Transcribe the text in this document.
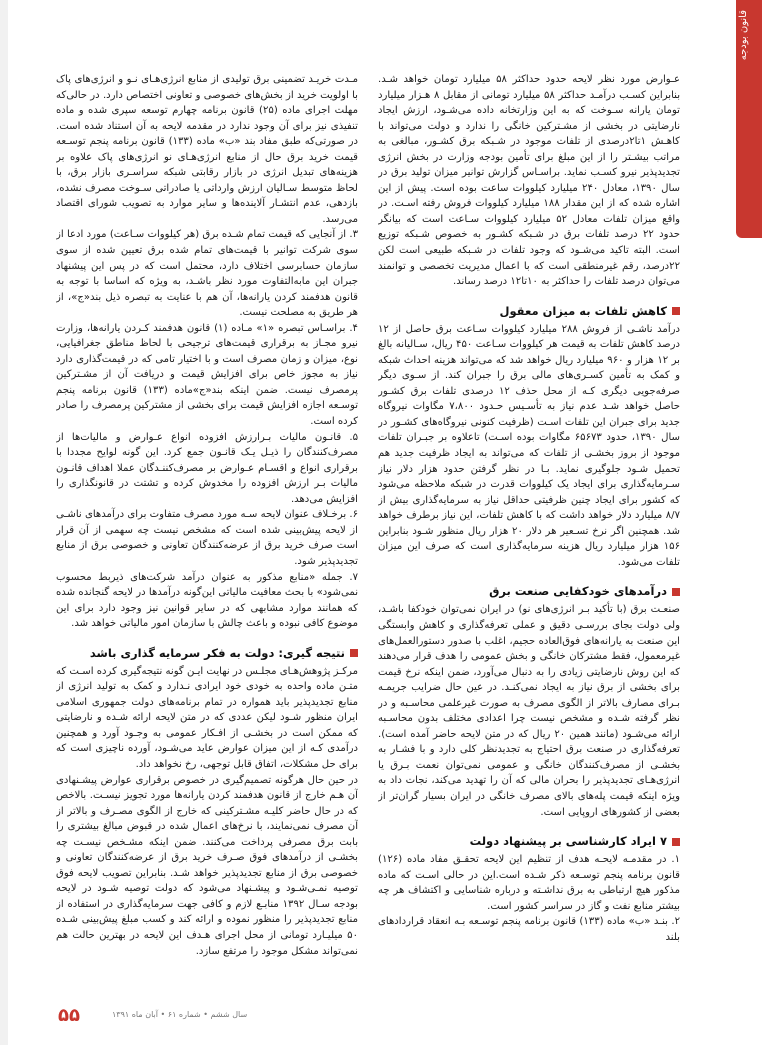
قانون بودجه

عـوارض مورد نظر لایحه حدود حداکثر ۵۸ میلیارد تومان خواهد شـد. بنابراین کسـب درآمـد حداکثر ۵۸ میلیارد تومانی از مقابل ۸ هـزار میلیارد تومان یارانه سـوخت که به این وزارتخانه داده می‌شـود، ارزش ایجاد نارضایتی در بخشی از مشـترکین خانگی را ندارد و دولت می‌تواند با کاهـش ۱تا۲درصدی از تلفات موجود در شـبکه برق کشـور، مبالغی به مراتب بیشـتر را از این مبلغ برای تأمین بودجه وزارت در بخش انرژی تجدیدپذیر نیرو کسـب نماید. براسـاس گزارش توانیر میزان تولید برق در سال ۱۳۹۰، معادل ۲۴۰ میلیارد کیلووات ساعت بوده است. پیش از این اشاره شده که از این مقدار ۱۸۸ میلیارد کیلووات فروش رفته اسـت. در واقع میزان تلفات معادل ۵۲ میلیارد کیلووات سـاعت است که بیانگر حدود ۲۲ درصد تلفات برق در شـبکه کشـور به خصوص شـبکه توزیع است. البته تاکید می‌شـود که وجود تلفات در شـبکه طبیعی است لکن ۲۲درصد، رقم غیرمنطقی است که با اعمال مدیریت تخصصی و توانمند می‌توان درصد تلفات را حداکثر به ۱۰تا۱۲ درصد رساند.

کاهش تلفات به میزان معقول

درآمد ناشـی از فروش ۲۸۸ میلیارد کیلووات سـاعت برق حاصل از ۱۲ درصد کاهش تلفات به قیمت هر کیلووات سـاعت ۴۵۰ ریال، سـالیانه بالغ بر ۱۲ هزار و ۹۶۰ میلیارد ریال خواهد شد که می‌تواند هزینه احداث شبکه و کمک به تأمین کسـری‌های مالی برق را جبران کند. از سـوی دیگر صرفه‌جویی دیگری کـه از محل حذف ۱۲ درصدی تلفات برق کشـور حاصل خواهد شـد عدم نیاز به تأسـیس حـدود ۷،۸۰۰ مگاوات نیروگاه جدید برای جبران این تلفات اسـت (ظرفیت کنونی نیروگاه‌های کشـور در سال ۱۳۹۰، حدود ۶۵۶۷۳ مگاوات بوده اسـت) تاعلاوه بر جبـران تلفات موجود از بروز بخشـی از تلفات که می‌تواند به ایجاد ظرفیت جدید هم تحمیل شـود جلوگیری نماید. بـا در نظر گرفتن حدود هزار دلار نیاز سـرمایه‌گذاری برای ایجاد یک کیلووات قدرت در شبکه ملاحظه می‌شود که کشور برای ایجاد چنین ظرفیتی حداقل نیاز به سرمایه‌گذاری بیش از ۸/۷ میلیارد دلار خواهد داشت که با کاهش تلفات، این نیاز برطرف خواهد شد. همچنین اگر نرخ تسـعیر هر دلار ۲۰ هزار ریال منظور شـود بنابراین ۱۵۶ هزار میلیارد ریال هزینه سرمایه‌گذاری است که صرف این میزان تلفات می‌شود.

درآمدهای خودکفایی صنعت برق

صنعـت برق (با تأکید بـر انرژی‌های نو) در ایران نمی‌توان خودکفا باشـد، ولی دولت بجای بررسـی دقیق و عملی تعرفه‌گذاری و کاهش وابستگی این صنعت به یارانه‌های فوق‌العاده حجیم، اغلب با صدور دستورالعمل‌های غیرمعمول، فقط مشترکان خانگی و بخش عمومی را هدف قرار می‌دهند که این روش نارضایتی زیادی را به دنبال می‌آورد، ضمن اینکه نرخ قیمت برای بخشی از برق نیاز به ایجاد نمی‌کنـد. در عین حال ضرایب جریمـه بـرای مصارف بالاتر از الگوی مصرف به صورت غیرعلمی محاسـبه و در نظر گرفته شـده و مشخص نیست چرا اعدادی مختلف بدون محاسـبه ارائه می‌شـود (مانند همین ۲۰ ریال که در متن لایحه حاضر آمده است). تعرفه‌گذاری در صنعت برق احتیاج به تجدیدنظر کلی دارد و با فشـار به بخشـی از مصرف‌کنندگان خانگی و عمومی نمی‌توان نعمت بـرق یا انرژی‌هـای تجدیدپذیر را بحران مالی که آن را تهدید می‌کند، نجات داد به ویژه اینکه قیمت پله‌های بالای مصرف خانگی در ایران بسیار گران‌تر از بعضی از کشورهای اروپایی است.

۷ ایراد کارشناسی بر پیشنهاد دولت

۱. در مقدمـه لایحـه هدف از تنظیم این لایحه تحقـق مفاد ماده (۱۲۶) قانون برنامه پنجم توسـعه ذکر شـده است.این در حالی اسـت که ماده مذکور هیچ ارتباطی به برق نداشـته و درباره شناسایی و اکتشاف هر چه بیشتر منابع نفت و گاز در سراسر کشور است.

۲. بنـد «ب» ماده (۱۳۳) قانون برنامه پنجم توسـعه بـه انعقاد قراردادهای بلند

مـدت خریـد تضمینی برق تولیدی از منابع انرژی‌هـای نـو و انرژی‌های پاک با اولویت خرید از بخش‌های خصوصی و تعاونی اختصاص دارد. در حالی‌که مهلت اجرای ماده (۲۵) قانون برنامه چهارم توسعه سپری شده و ماده تنفیذی نیز برای آن وجود ندارد در مقدمه لایحه به آن استناد شده است. در صورتی‌که طبق مفاد بند «ب» ماده (۱۳۳) قانون برنامه پنجم توسـعه قیمت خرید برق حال از منابع انرژی‌هـای نو انرژی‌های پاک علاوه بر هزینه‌های تبدیل انرژی در بازار رقابتی شبکه سراسـری بازار برق، با لحاظ متوسط سـالیان ارزش وارداتی یا صادراتی سـوخت مصرف نشده، بازدهی، عدم انتشـار آلاینده‌ها و سایر موارد به تصویب شورای اقتصاد می‌رسد.

۳. از آنجایی که قیمت تمام شـده برق (هر کیلووات سـاعت) مورد ادعا از سوی شرکت توانیر با قیمت‌های تمام شده برق تعیین شده از سوی سازمان حسابرسی اختلاف دارد، محتمل است که در پس این پیشنهاد جبران این مابه‌التفاوت مورد نظر باشـد، به ویژه که اساسا با توجه به قانون هدفمند کردن یارانه‌ها، آن هم با عنایت به تبصره ذیل بند«ج»، از هر طریق به مصلحت نیست.

۴. براسـاس تبصره «۱» مـاده (۱) قانون هدفمند کـردن یارانه‌ها، وزارت نیرو مجـاز به برقراری قیمت‌های ترجیحی با لحاظ مناطق جغرافیایی، نوع، میزان و زمان مصرف است و با اختیار تامی که در قیمت‌گذاری دارد نیاز به مجوز خاص برای افزایش قیمت و دریافت آن از مشـترکین پرمصرف نیست. ضمن اینکه بند«ج»ماده (۱۳۳) قانون برنامه پنجم توسـعه اجازه افزایش قیمت برای بخشی از مشترکین پرمصرف را صادر کرده است.

۵. قانـون مالیات بـرارزش افزوده انواع عـوارض و مالیات‌ها از مصرف‌کنندگان را ذیـل یـک قانـون جمع کرد. این گونه لوایح مجددا با برقراری انواع و اقسـام عـوارض بر مصرف‌کننـدگان عملا اهداف قانـون مالیات بـر ارزش افزوده را مخدوش کرده و تشتت در قانونگذاری را افزایش می‌دهد.

۶. برخـلاف عنوان لایحه سـه مورد مصرف متفاوت برای درآمدهای ناشـی از لایحه پیش‌بینی شده است که مشخص نیست چه سهمی از آن قرار است صرف خرید برق از عرضه‌کنندگان تعاونی و خصوصی برق از منابع تجدیدپذیر شود.

۷. جمله «منابع مذکور به عنوان درآمد شرکت‌های ذیربط محسوب نمی‌شود» با بحث معافیت مالیاتی این‌گونه درآمدها در لایحه گنجانده شده که همانند موارد مشابهی که در سایر قوانین نیز وجود دارد برای این موضوع کافی نبوده و باعث چالش با سازمان امور مالیاتی خواهد شد.

نتیجه گیری: دولت به فکر سرمایه گذاری باشد

مرکـز پژوهش‌هـای مجلـس در نهایت ایـن گونه نتیجه‌گیری کرده اسـت که متـن ماده واحده به خودی خود ایرادی نـدارد و کمک به تولید انرژی از منابع تجدیدپذیر باید همواره در تمام برنامه‌های دولت جمهوری اسلامی ایران منظور شـود لیکن عددی که در متن لایحه ارائه شـده و نارضایتی که ممکن است در بخشـی از افـکار عمومی به وجـود آورد و همچنین درآمدی کـه از این میزان عوارض عاید می‌شـود، آورده ناچیزی است که برای حل مشکلات، اتفاق قابل توجهی، رخ نخواهد داد.

در حین حال هرگونه تصمیم‌گیری در خصوص برقراری عوارض پیشـنهادی آن هـم خارج از قانون هدفمند کردن یارانه‌ها مورد تجویز نیسـت. بالاخص که در حال حاضر کلیـه مشـترکینی که خارج از الگوی مصـرف و بالاتر از آن مصرف نمی‌نمایند، با نرخ‌های اعمال شده در قبوض مبالغ بیشتری را بابت برق مصرفی پرداخت می‌کنند. ضمن اینکه مشـخص نیسـت چه بخشـی از درآمدهای فوق صـرف خرید برق از عرضه‌کنندگان تعاونی و خصوصی برق از منابع تجدیدپذیر خواهد شـد. بنابراین تصویب لایحه فوق توصیه نمـی‌شـود و پیشـنهاد می‌شود که دولت توصیه شـود در لایحه بودجه سـال ۱۳۹۲ منابـع لازم و کافی جهت سرمایه‌گذاری در استفاده از منابع تجدیدپذیر را منظور نموده و ارائه کند و کسب مبلغ پیش‌بینی شـده ۵۰ میلیـارد تومانی از محل اجرای هـدف این لایحه در بهترین حالت هم نمی‌تواند مشکل موجود را مرتفع سازد.

۵۵	سال ششم • شماره ۶۱ • آبان ماه ۱۳۹۱
